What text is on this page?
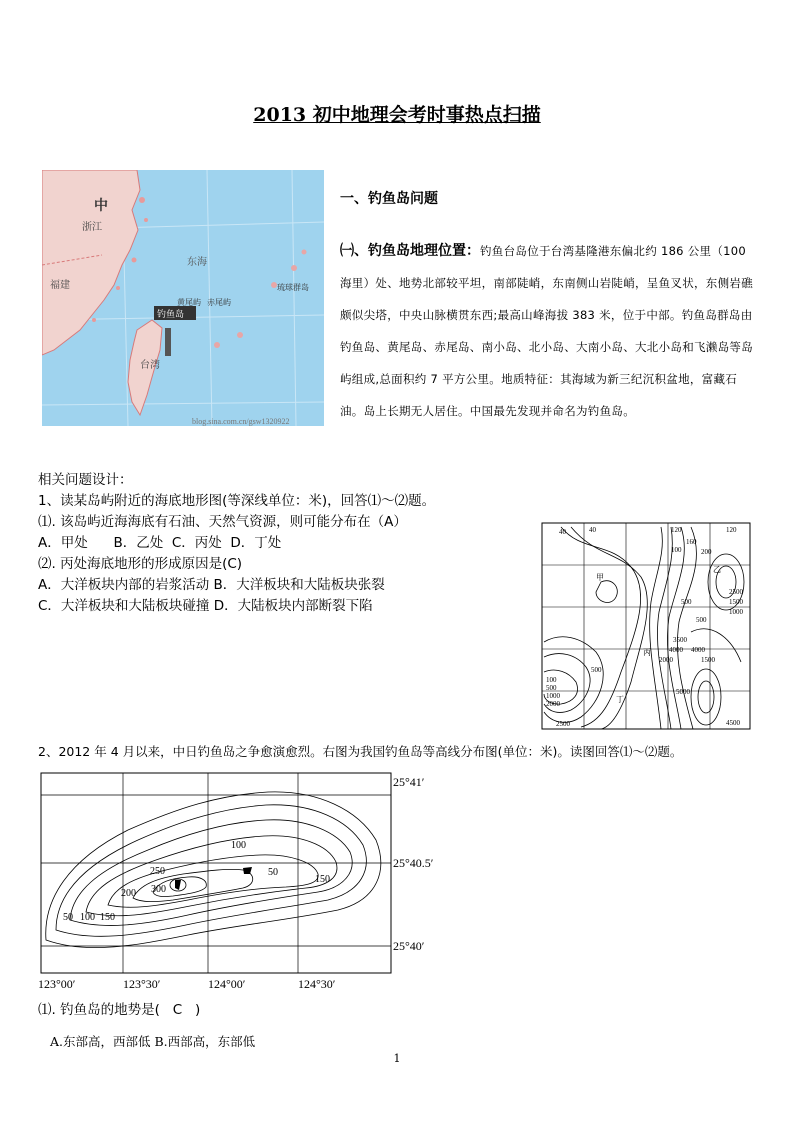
2013 初中地理会考时事热点扫描
中
浙江
福建
东海
台湾
钓鱼岛
黄尾屿 赤尾屿
琉球群岛
blog.sina.com.cn/gsw1320922
一、钓鱼岛问题
㈠、钓鱼岛地理位置：钓鱼台岛位于台湾基隆港东偏北约 186 公里（100 海里）处、地势北部较平坦，南部陡峭，东南侧山岩陡峭，呈鱼叉状，东侧岩礁颇似尖塔，中央山脉横贯东西;最高山峰海拔 383 米，位于中部。钓鱼岛群岛由钓鱼岛、黄尾岛、赤尾岛、南小岛、北小岛、大南小岛、大北小岛和飞濑岛等岛屿组成,总面积约 7 平方公里。地质特征：其海域为新三纪沉积盆地，富藏石油。岛上长期无人居住。中国最先发现并命名为钓鱼岛。
相关问题设计：
1、读某岛屿附近的海底地形图(等深线单位：米)，回答⑴～⑵题。
⑴. 该岛屿近海海底有石油、天然气资源，则可能分布在（A）
A．甲处      B．乙处  C．丙处  D．丁处
⑵. 丙处海底地形的形成原因是(C)
A．大洋板块内部的岩浆活动 B．大洋板块和大陆板块张裂
C．大洋板块和大陆板块碰撞 D．大陆板块内部断裂下陷
40	120	120
160
200
100
40
甲
乙
丙
丁
2500
1500
1000
500
500
3500
4000
2000	1500
100
500
1000
2000
5000
500
4000
2500	4500
2、2012 年 4 月以来，中日钓鱼岛之争愈演愈烈。右图为我国钓鱼岛等高线分布图(单位：米)。读图回答⑴～⑵题。
100
250
300
200
150
50 100 150
50
25°41′
25°40.5′
25°40′
123°00′	123°30′	124°00′	124°30′
⑴. 钓鱼岛的地势是(   C   )
A.东部高，西部低 B.西部高，东部低
1
